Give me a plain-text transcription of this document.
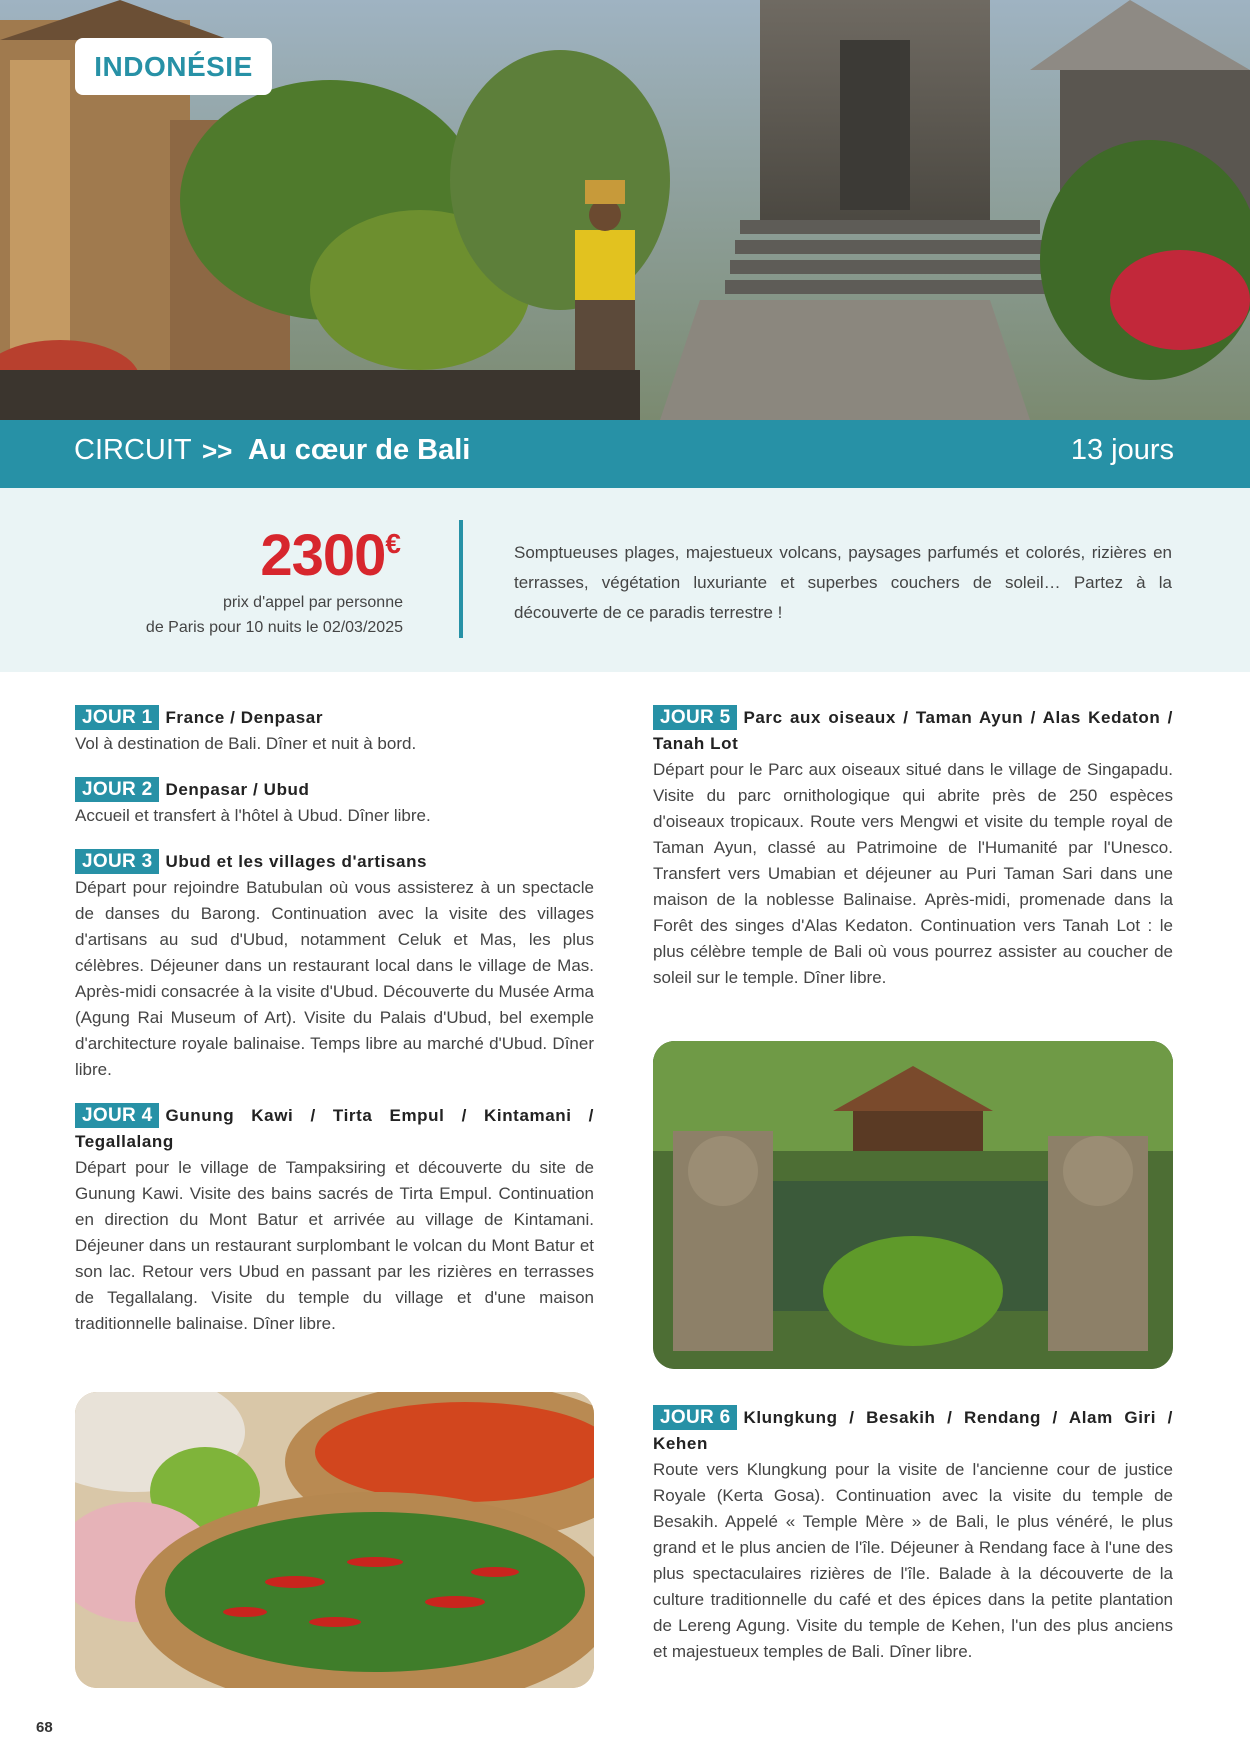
INDONÉSIE
CIRCUIT >> Au cœur de Bali	13 jours
2300€
prix d'appel par personne
de Paris pour 10 nuits le 02/03/2025
Somptueuses plages, majestueux volcans, paysages parfumés et colorés, rizières en terrasses, végétation luxuriante et superbes couchers de soleil… Partez à la découverte de ce paradis terrestre !
JOUR 1 France / Denpasar
Vol à destination de Bali. Dîner et nuit à bord.
JOUR 2 Denpasar / Ubud
Accueil et transfert à l'hôtel à Ubud. Dîner libre.
JOUR 3 Ubud et les villages d'artisans
Départ pour rejoindre Batubulan où vous assisterez à un spectacle de danses du Barong. Continuation avec la visite des villages d'artisans au sud d'Ubud, notamment Celuk et Mas, les plus célèbres. Déjeuner dans un restaurant local dans le village de Mas. Après-midi consacrée à la visite d'Ubud. Découverte du Musée Arma (Agung Rai Museum of Art). Visite du Palais d'Ubud, bel exemple d'architecture royale balinaise. Temps libre au marché d'Ubud. Dîner libre.
JOUR 4 Gunung Kawi / Tirta Empul / Kintamani / Tegallalang
Départ pour le village de Tampaksiring et découverte du site de Gunung Kawi. Visite des bains sacrés de Tirta Empul. Continuation en direction du Mont Batur et arrivée au village de Kintamani. Déjeuner dans un restaurant surplombant le volcan du Mont Batur et son lac. Retour vers Ubud en passant par les rizières en terrasses de Tegallalang. Visite du temple du village et d'une maison traditionnelle balinaise. Dîner libre.
JOUR 5 Parc aux oiseaux / Taman Ayun / Alas Kedaton / Tanah Lot
Départ pour le Parc aux oiseaux situé dans le village de Singapadu. Visite du parc ornithologique qui abrite près de 250 espèces d'oiseaux tropicaux. Route vers Mengwi et visite du temple royal de Taman Ayun, classé au Patrimoine de l'Humanité par l'Unesco. Transfert vers Umabian et déjeuner au Puri Taman Sari dans une maison de la noblesse Balinaise. Après-midi, promenade dans la Forêt des singes d'Alas Kedaton. Continuation vers Tanah Lot : le plus célèbre temple de Bali où vous pourrez assister au coucher de soleil sur le temple. Dîner libre.
JOUR 6 Klungkung / Besakih / Rendang / Alam Giri / Kehen
Route vers Klungkung pour la visite de l'ancienne cour de justice Royale (Kerta Gosa). Continuation avec la visite du temple de Besakih. Appelé « Temple Mère » de Bali, le plus vénéré, le plus grand et le plus ancien de l'île. Déjeuner à Rendang face à l'une des plus spectaculaires rizières de l'île. Balade à la découverte de la culture traditionnelle du café et des épices dans la petite plantation de Lereng Agung. Visite du temple de Kehen, l'un des plus anciens et majestueux temples de Bali. Dîner libre.
68
